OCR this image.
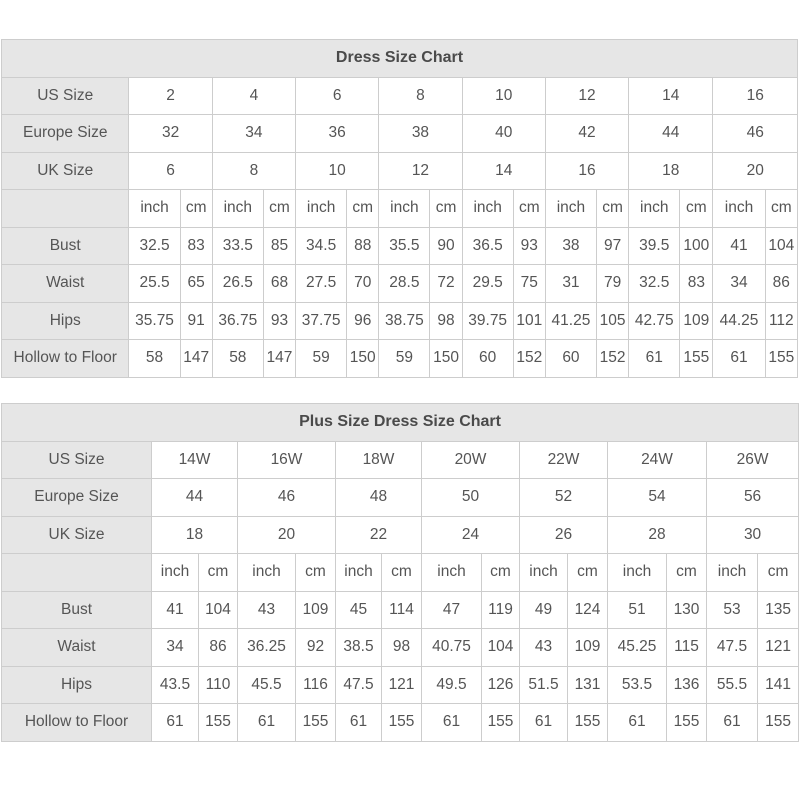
Dress Size Chart																
US Size	2		4		6		8		10		12		14		16	
Europe Size	32		34		36		38		40		42		44		46	
UK Size	6		8		10		12		14		16		18		20	
	inch	cm	inch	cm	inch	cm	inch	cm	inch	cm	inch	cm	inch	cm	inch	cm
Bust	32.5	83	33.5	85	34.5	88	35.5	90	36.5	93	38	97	39.5	100	41	104
Waist	25.5	65	26.5	68	27.5	70	28.5	72	29.5	75	31	79	32.5	83	34	86
Hips	35.75	91	36.75	93	37.75	96	38.75	98	39.75	101	41.25	105	42.75	109	44.25	112
Hollow to Floor	58	147	58	147	59	150	59	150	60	152	60	152	61	155	61	155
Plus Size Dress Size Chart														
US Size	14W		16W		18W		20W		22W		24W		26W	
Europe Size	44		46		48		50		52		54		56	
UK Size	18		20		22		24		26		28		30	
	inch	cm	inch	cm	inch	cm	inch	cm	inch	cm	inch	cm	inch	cm
Bust	41	104	43	109	45	114	47	119	49	124	51	130	53	135
Waist	34	86	36.25	92	38.5	98	40.75	104	43	109	45.25	115	47.5	121
Hips	43.5	110	45.5	116	47.5	121	49.5	126	51.5	131	53.5	136	55.5	141
Hollow to Floor	61	155	61	155	61	155	61	155	61	155	61	155	61	155
